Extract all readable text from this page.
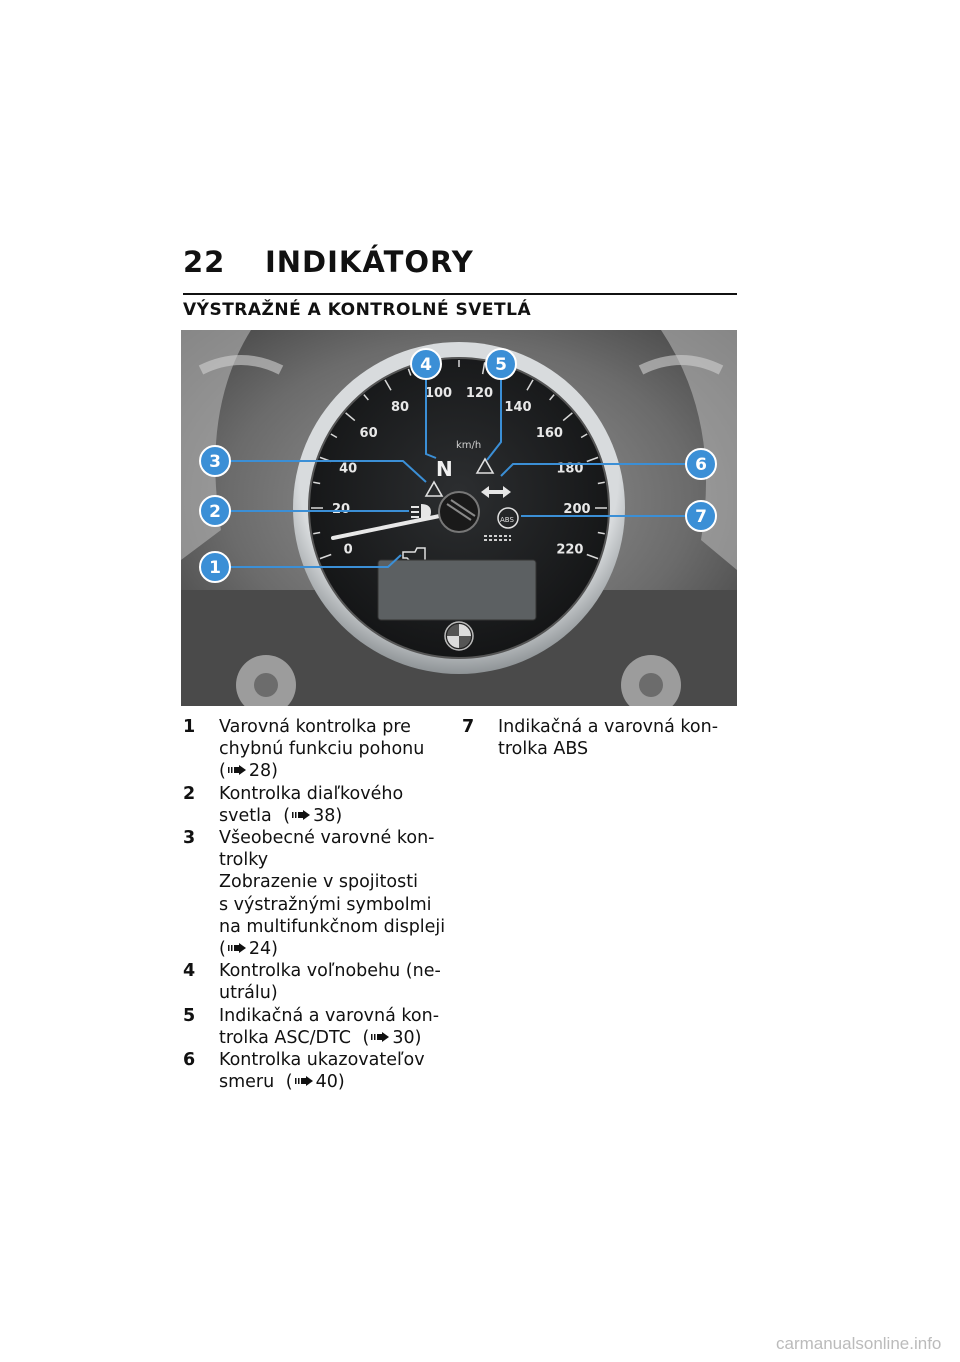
22 INDIKÁTORY
VÝSTRAŽNÉ A KONTROLNÉ SVETLÁ
0
20
40
60
80
100 120
140
160
180
200
220
km/h
N
ABS
1
2
3
4	5
6
7
1	Varovná kontrolka pre
chybnú funkciu pohonu
( 28)
2	Kontrolka diaľkového
svetla ( 38)
3	Všeobecné varovné kon-
trolky
Zobrazenie v spojitosti
s výstražnými symbolmi
na multifunkčnom displeji
( 24)
4	Kontrolka voľnobehu (ne-
utrálu)
5	Indikačná a varovná kon-
trolka ASC/DTC ( 30)
6	Kontrolka ukazovateľov
smeru ( 40)
7	Indikačná a varovná kon-
trolka ABS
carmanualsonline.info
